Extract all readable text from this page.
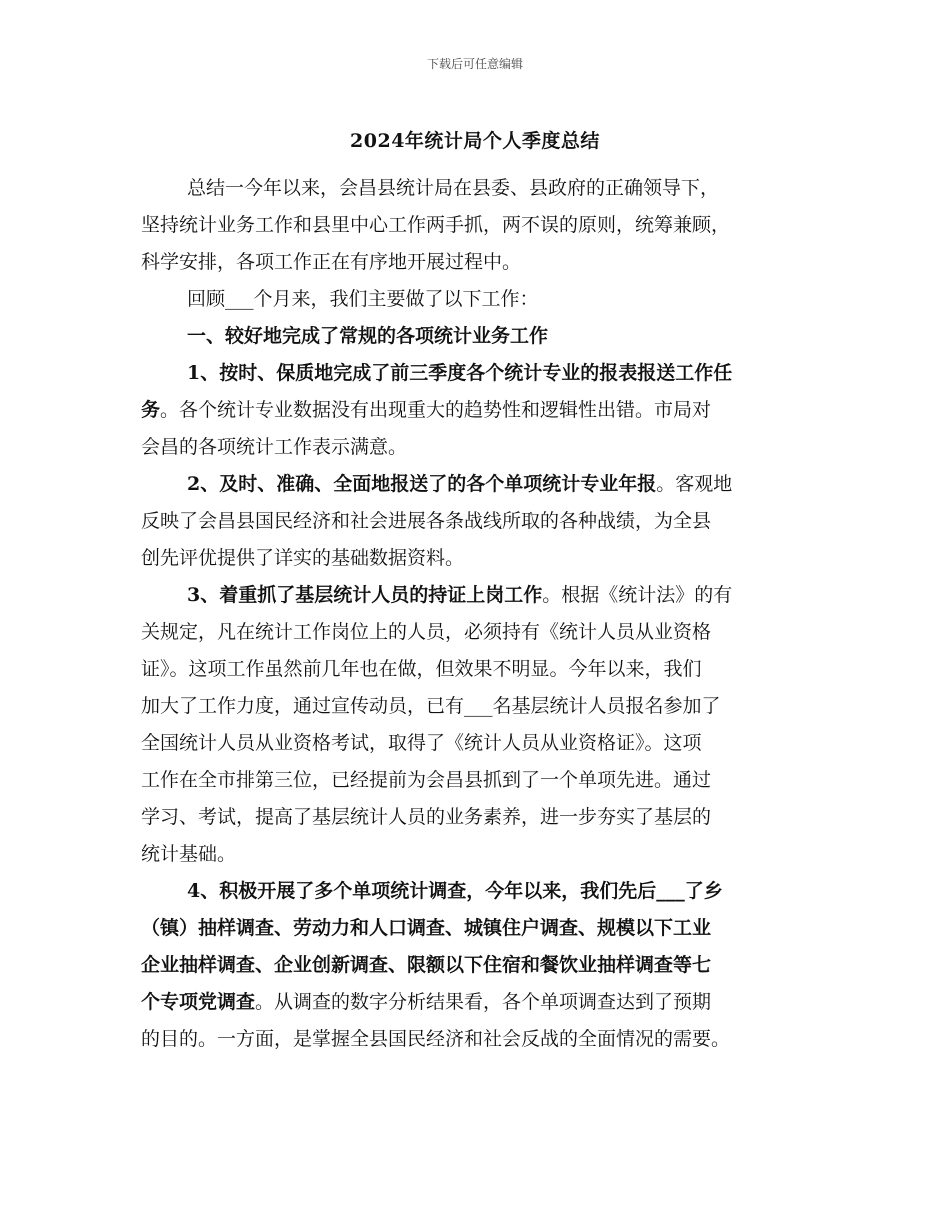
下载后可任意编辑
2024年统计局个人季度总结
总结一今年以来，会昌县统计局在县委、县政府的正确领导下，
坚持统计业务工作和县里中心工作两手抓，两不误的原则，统筹兼顾，
科学安排，各项工作正在有序地开展过程中。
回顾___个月来，我们主要做了以下工作：
一、较好地完成了常规的各项统计业务工作
1、按时、保质地完成了前三季度各个统计专业的报表报送工作任
务 。各个统计专业数据没有出现重大的趋势性和逻辑性出错。市局对
会昌的各项统计工作表示满意。
2、及时、准确、全面地报送了的各个单项统计专业年报 。客观地
反映了会昌县国民经济和社会进展各条战线所取的各种战绩，为全县
创先评优提供了详实的基础数据资料。
3、着重抓了基层统计人员的持证上岗工作 。根据《统计法》的有
关规定，凡在统计工作岗位上的人员，必须持有《统计人员从业资格
证》。这项工作虽然前几年也在做，但效果不明显。今年以来，我们
加大了工作力度，通过宣传动员，已有___名基层统计人员报名参加了
全国统计人员从业资格考试，取得了《统计人员从业资格证》。这项
工作在全市排第三位，已经提前为会昌县抓到了一个单项先进。通过
学习、考试，提高了基层统计人员的业务素养，进一步夯实了基层的
统计基础。
4、积极开展了多个单项统计调查，今年以来，我们先后___了乡
（镇）抽样调查、劳动力和人口调查、城镇住户调查、规模以下工业
企业抽样调查、企业创新调查、限额以下住宿和餐饮业抽样调查等七
个专项党调查 。从调查的数字分析结果看，各个单项调查达到了预期
的目的。一方面，是掌握全县国民经济和社会反战的全面情况的需要。
